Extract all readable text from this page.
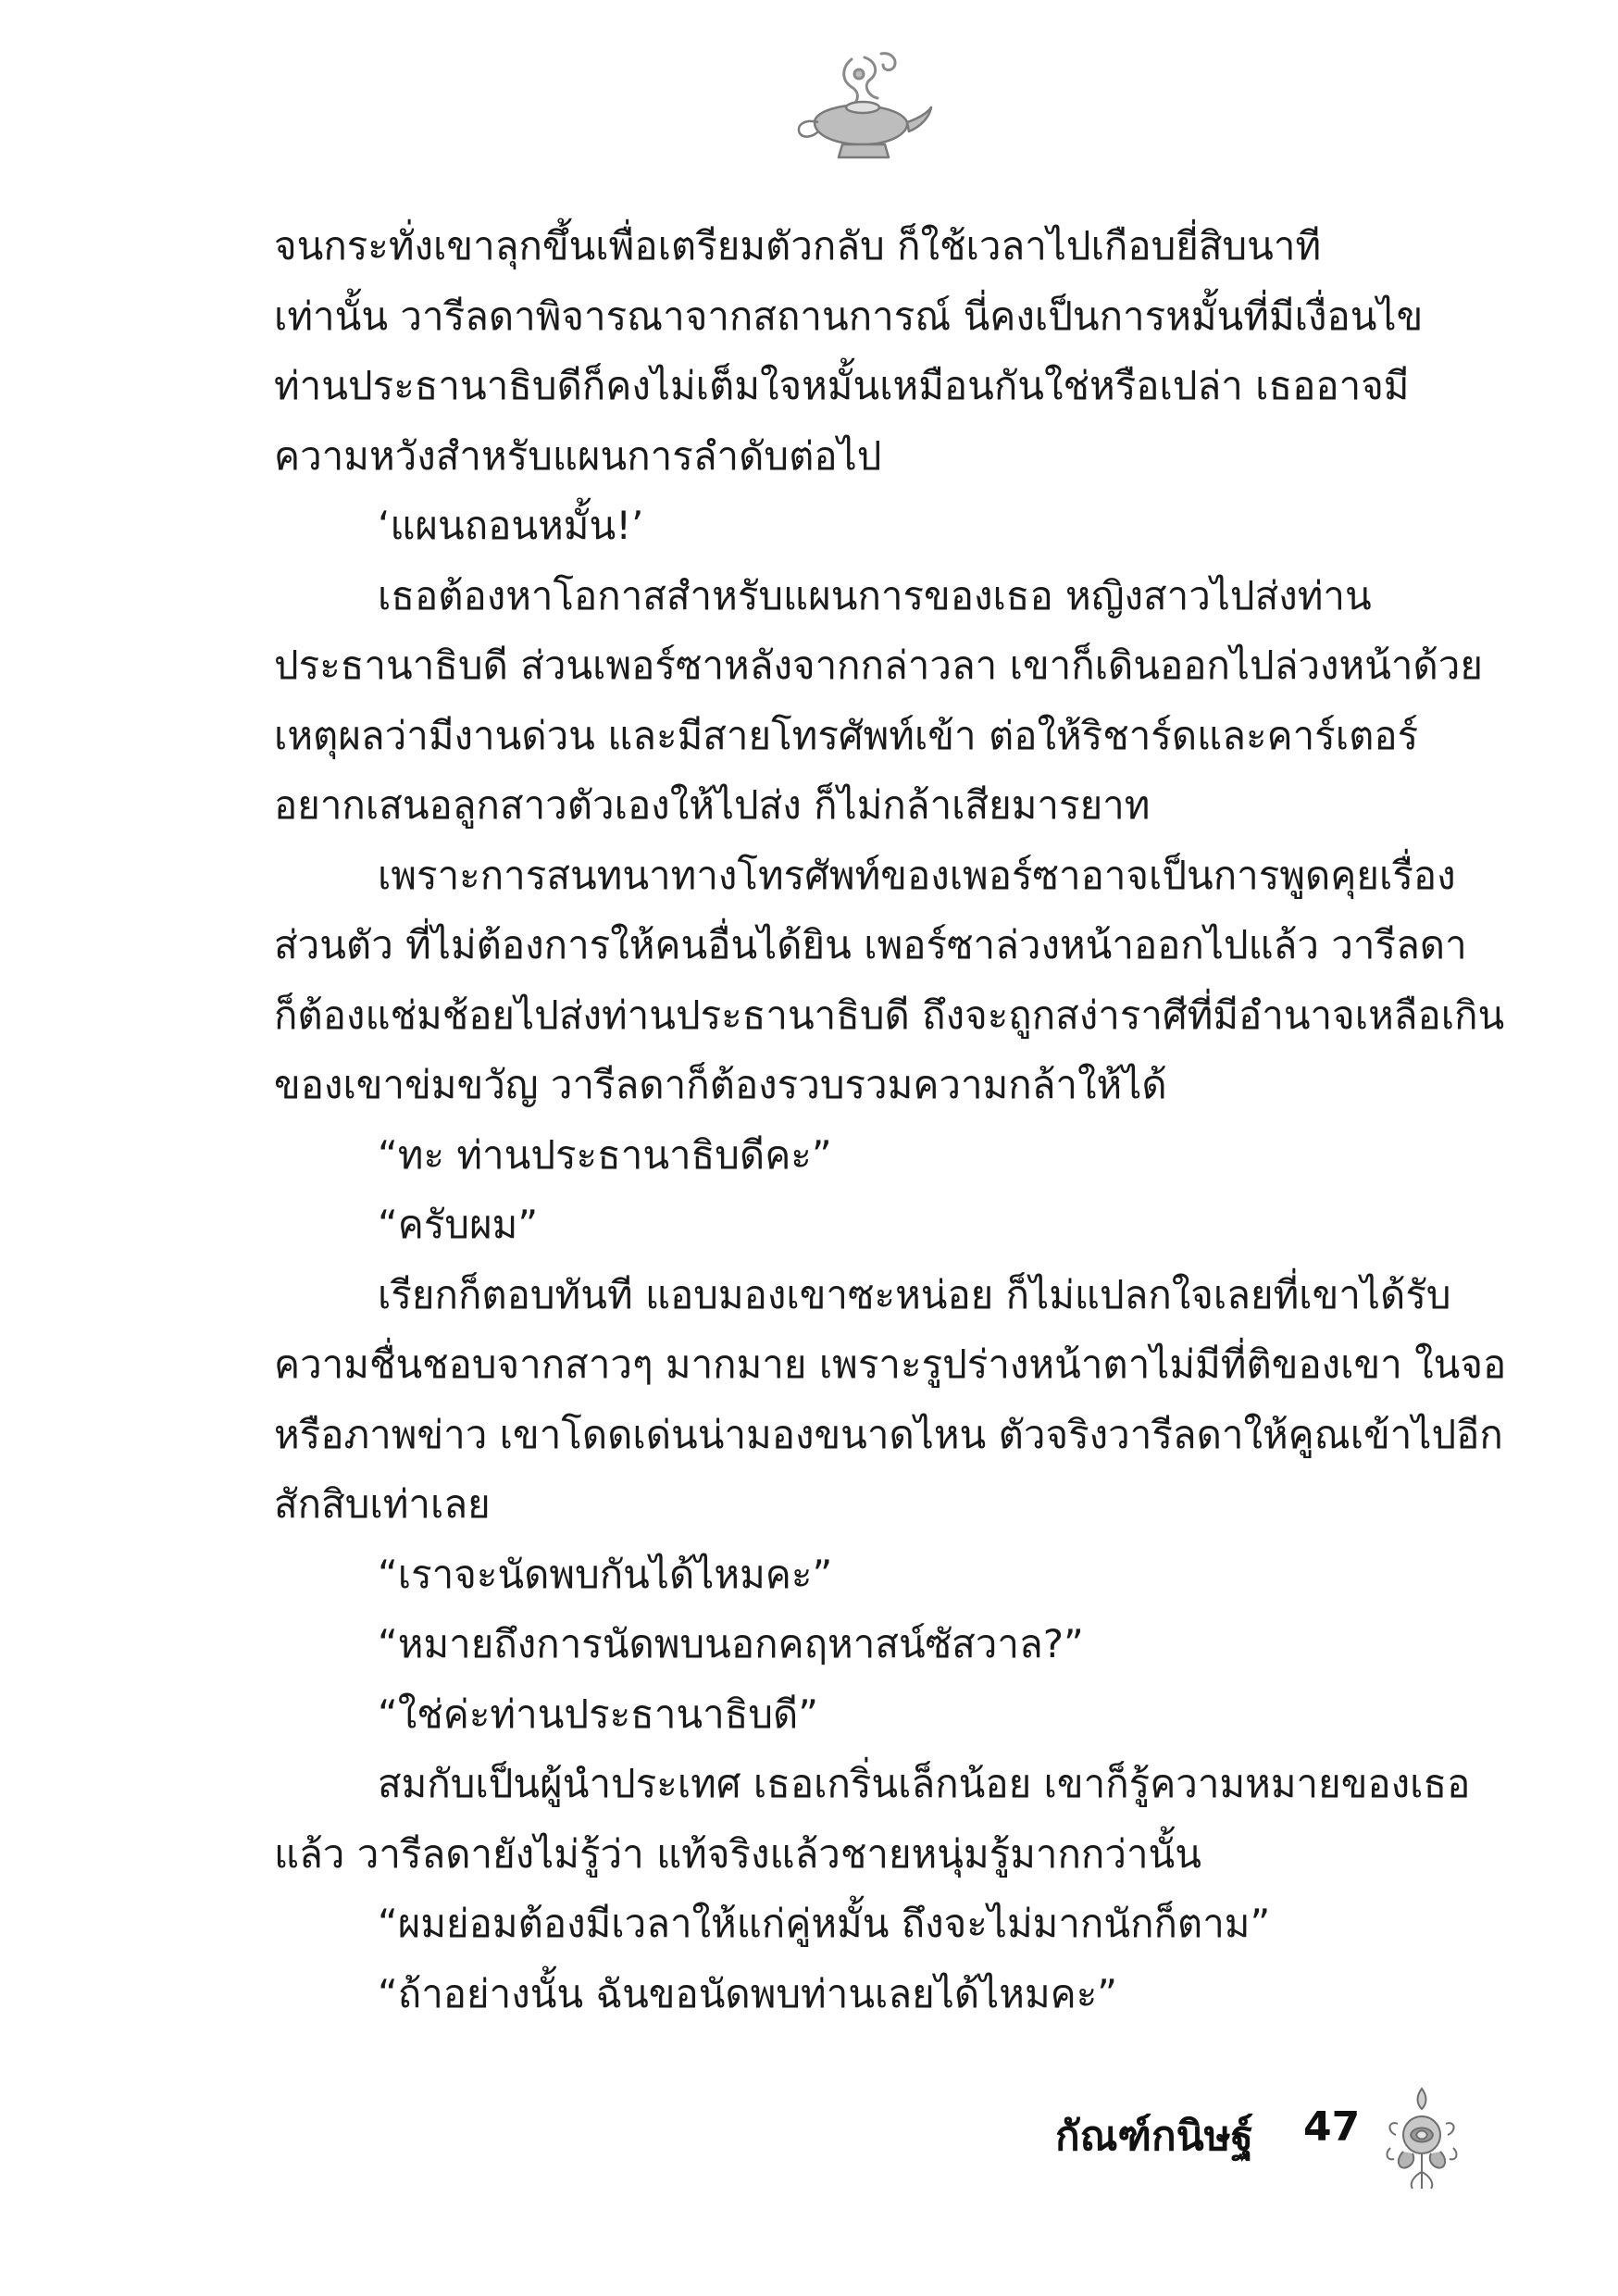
จนกระทั่งเขาลุกขึ้นเพื่อเตรียมตัวกลับ ก็ใช้เวลาไปเกือบยี่สิบนาที
เท่านั้น วารีลดาพิจารณาจากสถานการณ์ นี่คงเป็นการหมั้นที่มีเงื่อนไข
ท่านประธานาธิบดีก็คงไม่เต็มใจหมั้นเหมือนกันใช่หรือเปล่า เธออาจมี
ความหวังสำหรับแผนการลำดับต่อไป
‘แผนถอนหมั้น!’
เธอต้องหาโอกาสสำหรับแผนการของเธอ หญิงสาวไปส่งท่าน
ประธานาธิบดี ส่วนเพอร์ซาหลังจากกล่าวลา เขาก็เดินออกไปล่วงหน้าด้วย
เหตุผลว่ามีงานด่วน และมีสายโทรศัพท์เข้า ต่อให้ริชาร์ดและคาร์เตอร์
อยากเสนอลูกสาวตัวเองให้ไปส่ง ก็ไม่กล้าเสียมารยาท
เพราะการสนทนาทางโทรศัพท์ของเพอร์ซาอาจเป็นการพูดคุยเรื่อง
ส่วนตัว ที่ไม่ต้องการให้คนอื่นได้ยิน เพอร์ซาล่วงหน้าออกไปแล้ว วารีลดา
ก็ต้องแช่มช้อยไปส่งท่านประธานาธิบดี ถึงจะถูกสง่าราศีที่มีอำนาจเหลือเกิน
ของเขาข่มขวัญ วารีลดาก็ต้องรวบรวมความกล้าให้ได้
“ทะ ท่านประธานาธิบดีคะ”
“ครับผม”
เรียกก็ตอบทันที แอบมองเขาซะหน่อย ก็ไม่แปลกใจเลยที่เขาได้รับ
ความชื่นชอบจากสาวๆ มากมาย เพราะรูปร่างหน้าตาไม่มีที่ติของเขา ในจอ
หรือภาพข่าว เขาโดดเด่นน่ามองขนาดไหน ตัวจริงวารีลดาให้คูณเข้าไปอีก
สักสิบเท่าเลย
“เราจะนัดพบกันได้ไหมคะ”
“หมายถึงการนัดพบนอกคฤหาสน์ซัสวาล?”
“ใช่ค่ะท่านประธานาธิบดี”
สมกับเป็นผู้นำประเทศ เธอเกริ่นเล็กน้อย เขาก็รู้ความหมายของเธอ
แล้ว วารีลดายังไม่รู้ว่า แท้จริงแล้วชายหนุ่มรู้มากกว่านั้น
“ผมย่อมต้องมีเวลาให้แก่คู่หมั้น ถึงจะไม่มากนักก็ตาม”
“ถ้าอย่างนั้น ฉันขอนัดพบท่านเลยได้ไหมคะ”
กัณฑ์กนิษฐ์ 47
